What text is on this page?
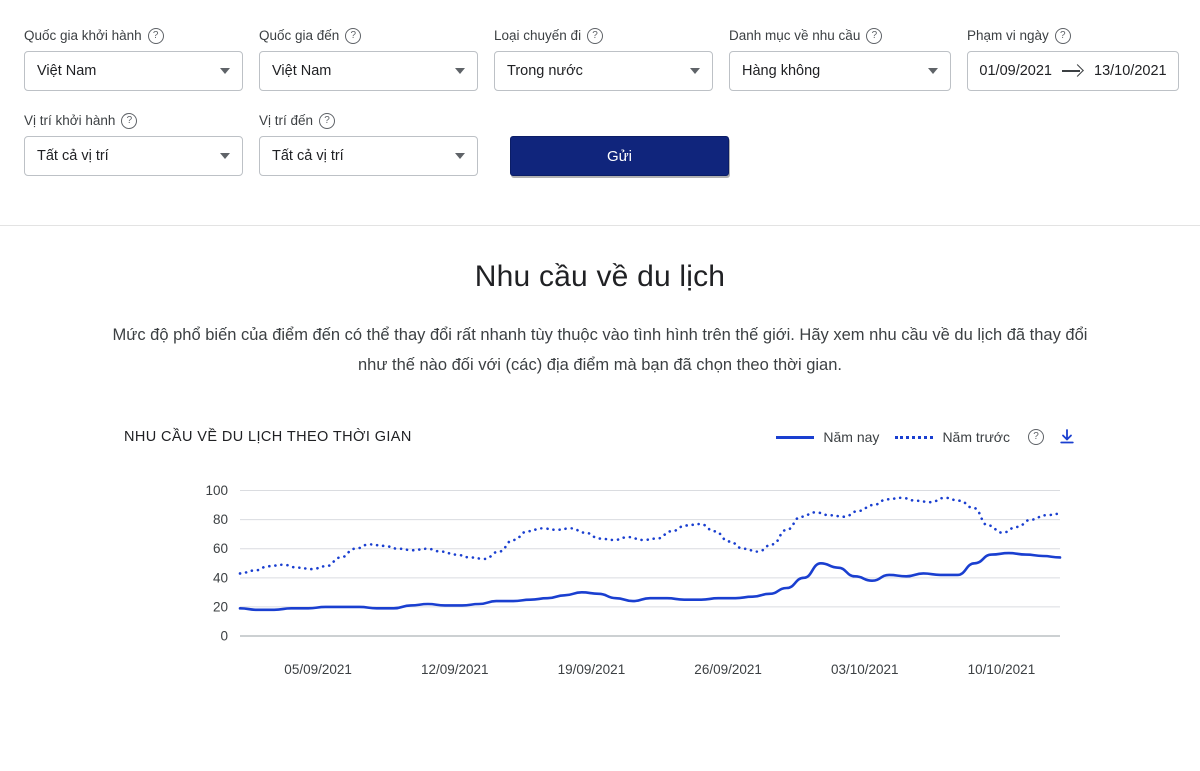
Quốc gia khởi hành
?
Việt Nam
Quốc gia đến
?
Việt Nam
Loại chuyến đi
?
Trong nước
Danh mục về nhu cầu
?
Hàng không
Phạm vi ngày
?
01/09/2021	13/10/2021
Vị trí khởi hành
?
Tất cả vị trí
Vị trí đến
?
Tất cả vị trí	Gửi
Nhu cầu về du lịch

Mức độ phổ biến của điểm đến có thể thay đổi rất nhanh tùy thuộc vào tình hình trên thế giới. Hãy xem nhu cầu về du lịch đã thay đổi như thế nào đối với (các) địa điểm mà bạn đã chọn theo thời gian.

NHU CẦU VỀ DU LỊCH THEO THỜI GIAN	Năm nay	Năm trước
?
0
20
40
60
80
100
05/09/2021	12/09/2021	19/09/2021	26/09/2021	03/10/2021	10/10/2021
